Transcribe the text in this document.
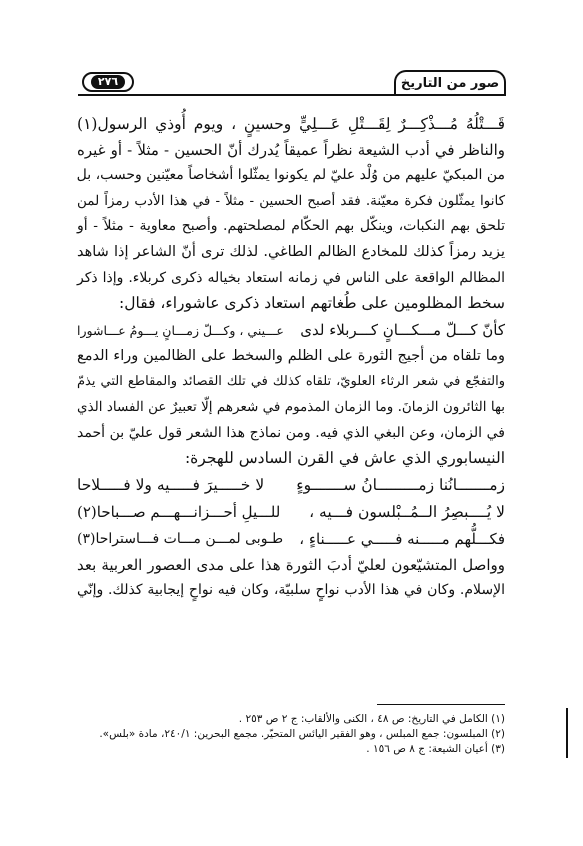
صور من التاريخ
٢٧٦
قَـــتْلُهُ مُـــذْكِـــرٌ لِقَـــتْلِ عَـــلِيٍّ وحسينٍ ، ويوم أُوذي الرسول(١)
والناظر في أدب الشيعة نظراً عميقاً يُدرك أنّ الحسين - مثلاً - أو غيره
من المبكيّ عليهم من وُلْد عليّ لم يكونوا يمثّلوا أشخاصاً معيّنين وحسب، بل
كانوا يمثّلون فكرة معيّنة. فقد أصبح الحسين - مثلاً - في هذا الأدب رمزاً لمن
تلحق بهم النكبات، وينكّل بهم الحكّام لمصلحتهم. وأصبح معاوية - مثلاً - أو
يزيد رمزاً كذلك للمخادع الظالم الطاغي. لذلك ترى أنّ الشاعر إذا شاهد
المظالم الواقعة على الناس في زمانه استعاد بخياله ذكرى كربلاء. وإذا ذكر
سخط المظلومين على طُغاتهم استعاد ذكرى عاشوراء، فقال:
كأنّ كـــلّ مـــكـــانٍ كـــربلاء لدى
عـــيني ، وكـــلّ زمـــانٍ يـــومُ عـــاشورا
وما تلقاه من أجيج الثورة على الظلم والسخط على الظالمين وراء الدمع
والتفجّع في شعر الرثاء العلويّ، تلقاه كذلك في تلك القصائد والمقاطع التي يذمّ
بها الثائرون الزمانَ. وما الزمان المذموم في شعرهم إلّا تعبيرٌ عن الفساد الذي
في الزمان، وعن البغي الذي فيه. ومن نماذج هذا الشعر قول عليّ بن أحمد
النيسابوري الذي عاش في القرن السادس للهجرة:
زمـــــــانُنا زمـــــــــانُ ســـــــوءٍ
لا خـــــيرَ فـــــيه ولا فـــــلاحا
لا يُــــبصِرُ الــمُــبْلسون فـــيه ،
للـــيلِ أحـــزانـــهـــم صـــباحا(٢)
فكـــلُّهم مـــــنه فـــــي عـــــناءٍ ،
طـوبى لمـــن مـــات فـــاستراحا(٣)
وواصل المتشيّعون لعليّ أدبَ الثورة هذا على مدى العصور العربية بعد
الإسلام. وكان في هذا الأدب نواحٍ سلبيّة، وكان فيه نواحٍ إيجابية كذلك. وإنّي
(١) الكامل في التاريخ: ص ٤٨ ، الكنى والألقاب: ج ٢ ص ٢٥٣ .
(٢) المبلسون: جمع المبلس ، وهو الفقير اليائس المتحيّر. مجمع البحرين: ٢٤٠/١، مادة «بلس».
(٣) أعيان الشيعة: ج ٨ ص ١٥٦ .
